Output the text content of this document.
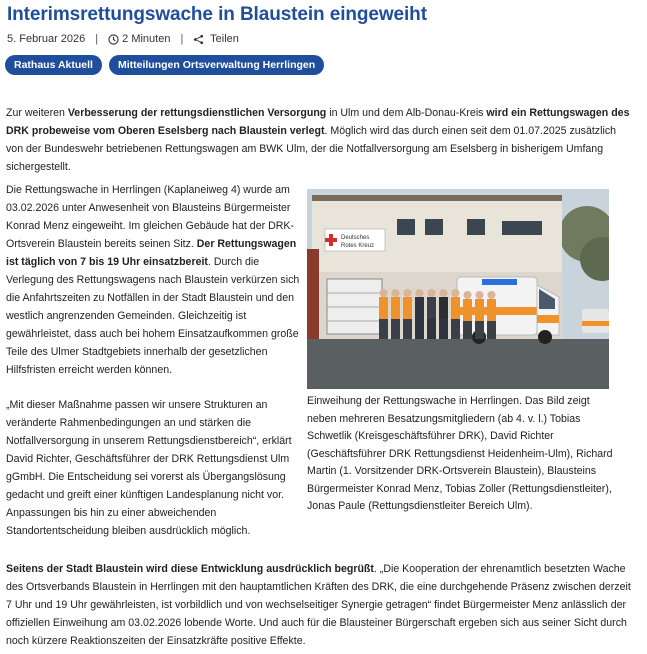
Interimsrettungswache in Blaustein eingeweiht
5. Februar 2026 | 2 Minuten |	Teilen
Rathaus Aktuell	Mitteilungen Ortsverwaltung Herrlingen

Zur weiteren Verbesserung der rettungsdienstlichen Versorgung in Ulm und dem Alb-Donau-Kreis wird ein Rettungswagen des DRK probeweise vom Oberen Eselsberg nach Blaustein verlegt. Möglich wird das durch einen seit dem 01.07.2025 zusätzlich von der Bundeswehr betriebenen Rettungswagen am BWK Ulm, der die Notfallversorgung am Eselsberg in bisherigem Umfang sichergestellt.

Die Rettungswache in Herrlingen (Kaplaneiweg 4) wurde am 03.02.2026 unter Anwesenheit von Blausteins Bürgermeister Konrad Menz eingeweiht. Im gleichen Gebäude hat der DRK-Ortsverein Blaustein bereits seinen Sitz. Der Rettungswagen ist täglich von 7 bis 19 Uhr einsatzbereit. Durch die Verlegung des Rettungswagens nach Blaustein verkürzen sich die Anfahrtszeiten zu Notfällen in der Stadt Blaustein und den westlich angrenzenden Gemeinden. Gleichzeitig ist gewährleistet, dass auch bei hohem Einsatzaufkommen große Teile des Ulmer Stadtgebiets innerhalb der gesetzlichen Hilfsfristen erreicht werden können.

„Mit dieser Maßnahme passen wir unsere Strukturen an veränderte Rahmenbedingungen an und stärken die Notfallversorgung in unserem Rettungsdienstbereich“, erklärt David Richter, Geschäftsführer der DRK Rettungsdienst Ulm gGmbH. Die Entscheidung sei vorerst als Übergangslösung gedacht und greift einer künftigen Landesplanung nicht vor. Anpassungen bis hin zu einer abweichenden Standortentscheidung bleiben ausdrücklich möglich.

Deutsches
Rotes Kreuz

Einweihung der Rettungswache in Herrlingen. Das Bild zeigt neben mehreren Besatzungsmitgliedern (ab 4. v. l.) Tobias Schwetlik (Kreisgeschäftsführer DRK), David Richter (Geschäftsführer DRK Rettungsdienst Heidenheim-Ulm), Richard Martin (1. Vorsitzender DRK-Ortsverein Blaustein), Blausteins Bürgermeister Konrad Menz, Tobias Zoller (Rettungsdienstleiter), Jonas Paule (Rettungsdienstleiter Bereich Ulm).

Seitens der Stadt Blaustein wird diese Entwicklung ausdrücklich begrüßt. „Die Kooperation der ehrenamtlich besetzten Wache des Ortsverbands Blaustein in Herrlingen mit den hauptamtlichen Kräften des DRK, die eine durchgehende Präsenz zwischen derzeit 7 Uhr und 19 Uhr gewährleisten, ist vorbildlich und von wechselseitiger Synergie getragen“ findet Bürgermeister Menz anlässlich der offiziellen Einweihung am 03.02.2026 lobende Worte. Und auch für die Blausteiner Bürgerschaft ergeben sich aus seiner Sicht durch noch kürzere Reaktionszeiten der Einsatzkräfte positive Effekte.
